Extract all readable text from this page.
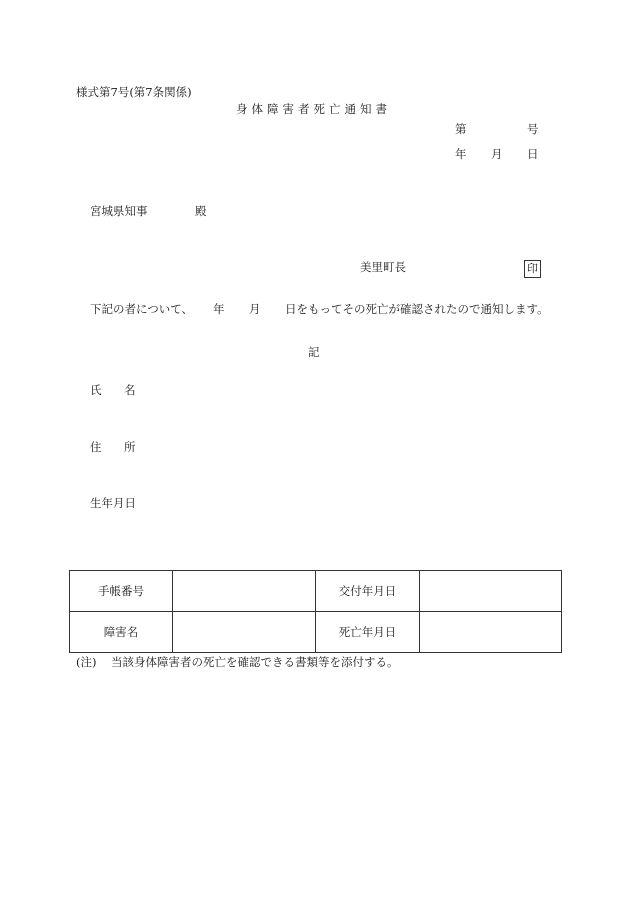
様式第7号(第7条関係)
身体障害者死亡通知書
第	号
年 月 日
宮城県知事	殿
美里町長	印
下記の者について、 年 月 日をもってその死亡が確認されたので通知します。
記
氏 名
住 所
生年月日
手帳番号		交付年月日	
障害名		死亡年月日	
(注) 当該身体障害者の死亡を確認できる書類等を添付する。
